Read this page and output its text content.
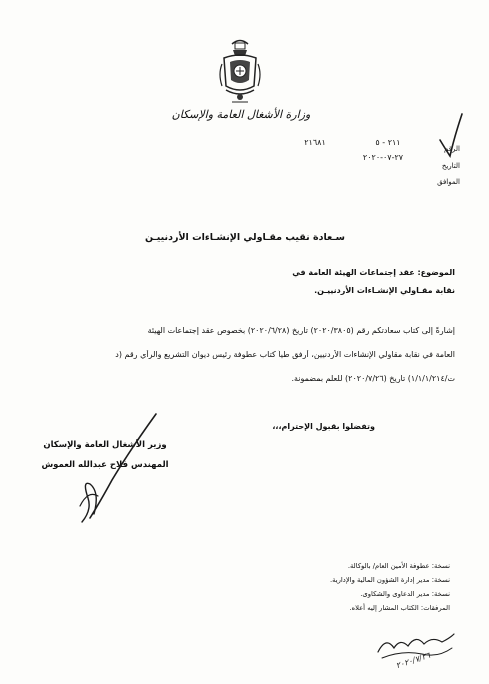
وزارة الأشغال العامة والإسكان
الرقم
التاريخ
الموافق
٢١١ - ٥
٢١٦٨١
٢٧-٠٧-٢٠٢٠
سـعادة نقيب مقـاولي الإنشـاءات الأردنييـن
الموضوع: عقد إجتماعات الهيئة العامة في
نقابة مقـاولي الإنشـاءات الأردنييـن.
إشارةً إلى كتاب سعادتكم رقم (٢٠٢٠/٣٨٠٥) تاريخ (٢٠٢٠/٦/٢٨) بخصوص عقد إجتماعات الهيئة
العامة في نقابة مقاولي الإنشاءات الأردنيين، أرفق طياً كتاب عطوفة رئيس ديوان التشريع والرأي رقم (د
ت/١/١/١/٢١٤) تاريخ (٢٠٢٠/٧/٢٦) للعلم بمضمونة.
وتفضلوا بقبول الإحترام،،،
وزير الأشغال العامة والإسكان
المهندس فلاح عبدالله العموش
نسخة: عطوفة الأمين العام/ بالوكالة.
نسخة: مدير إدارة الشؤون المالية والإدارية.
نسخة: مدير الدعاوى والشكاوى.
المرفقات: الكتاب المشار إليه أعلاه.
٢٠٢٠/٧/٢٦
